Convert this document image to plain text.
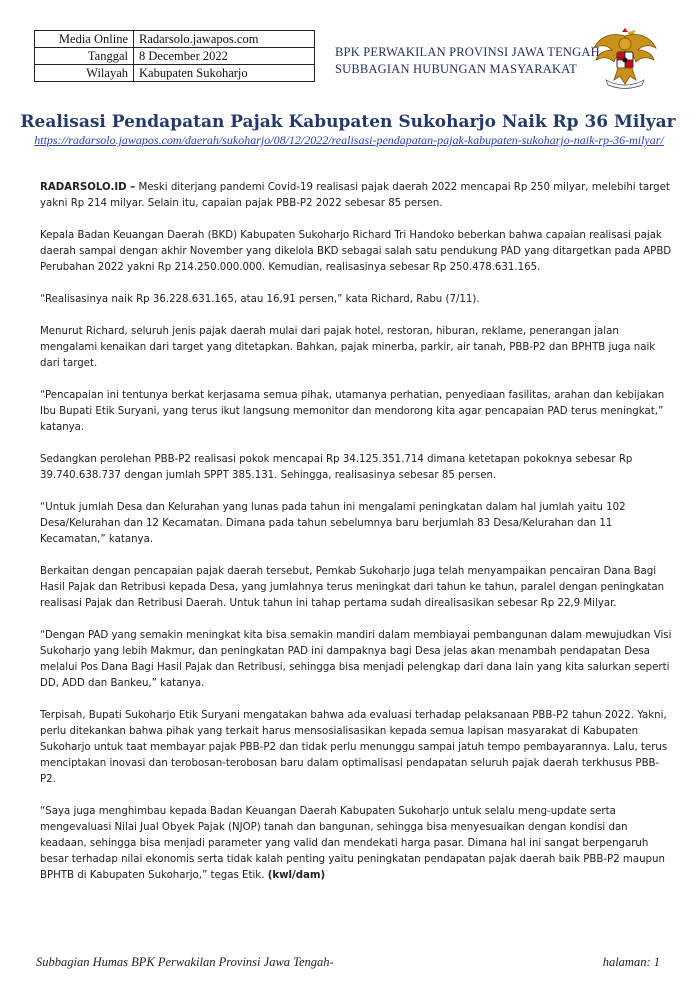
Media Online	Radarsolo.jawapos.com
Tanggal	8 December 2022
Wilayah	Kabupaten Sukoharjo
BPK PERWAKILAN PROVINSI JAWA TENGAH
SUBBAGIAN HUBUNGAN MASYARAKAT
Realisasi Pendapatan Pajak Kabupaten Sukoharjo Naik Rp 36 Milyar
https://radarsolo.jawapos.com/daerah/sukoharjo/08/12/2022/realisasi-pendapatan-pajak-kabupaten-sukoharjo-naik-rp-36-milyar/

RADARSOLO.ID – Meski diterjang pandemi Covid-19 realisasi pajak daerah 2022 mencapai Rp 250 milyar, melebihi target yakni Rp 214 milyar. Selain itu, capaian pajak PBB-P2 2022 sebesar 85 persen.

Kepala Badan Keuangan Daerah (BKD) Kabupaten Sukoharjo Richard Tri Handoko beberkan bahwa capaian realisasi pajak daerah sampai dengan akhir November yang dikelola BKD sebagai salah satu pendukung PAD yang ditargetkan pada APBD Perubahan 2022 yakni Rp 214.250.000.000. Kemudian, realisasinya sebesar Rp 250.478.631.165.

“Realisasinya naik Rp 36.228.631.165, atau 16,91 persen,” kata Richard, Rabu (7/11).

Menurut Richard, seluruh jenis pajak daerah mulai dari pajak hotel, restoran, hiburan, reklame, penerangan jalan mengalami kenaikan dari target yang ditetapkan. Bahkan, pajak minerba, parkir, air tanah, PBB-P2 dan BPHTB juga naik dari target.

“Pencapaian ini tentunya berkat kerjasama semua pihak, utamanya perhatian, penyediaan fasilitas, arahan dan kebijakan Ibu Bupati Etik Suryani, yang terus ikut langsung memonitor dan mendorong kita agar pencapaian PAD terus meningkat,” katanya.

Sedangkan perolehan PBB-P2 realisasi pokok mencapai Rp 34.125.351.714 dimana ketetapan pokoknya sebesar Rp 39.740.638.737 dengan jumlah SPPT 385.131. Sehingga, realisasinya sebesar 85 persen.

“Untuk jumlah Desa dan Kelurahan yang lunas pada tahun ini mengalami peningkatan dalam hal jumlah yaitu 102 Desa/Kelurahan dan 12 Kecamatan. Dimana pada tahun sebelumnya baru berjumlah 83 Desa/Kelurahan dan 11 Kecamatan,” katanya.

Berkaitan dengan pencapaian pajak daerah tersebut, Pemkab Sukoharjo juga telah menyampaikan pencairan Dana Bagi Hasil Pajak dan Retribusi kepada Desa, yang jumlahnya terus meningkat dari tahun ke tahun, paralel dengan peningkatan realisasi Pajak dan Retribusi Daerah. Untuk tahun ini tahap pertama sudah direalisasikan sebesar Rp 22,9 Milyar.

“Dengan PAD yang semakin meningkat kita bisa semakin mandiri dalam membiayai pembangunan dalam mewujudkan Visi Sukoharjo yang lebih Makmur, dan peningkatan PAD ini dampaknya bagi Desa jelas akan menambah pendapatan Desa melalui Pos Dana Bagi Hasil Pajak dan Retribusi, sehingga bisa menjadi pelengkap dari dana lain yang kita salurkan seperti DD, ADD dan Bankeu,” katanya.

Terpisah, Bupati Sukoharjo Etik Suryani mengatakan bahwa ada evaluasi terhadap pelaksanaan PBB-P2 tahun 2022. Yakni, perlu ditekankan bahwa pihak yang terkait harus mensosialisasikan kepada semua lapisan masyarakat di Kabupaten Sukoharjo untuk taat membayar pajak PBB-P2 dan tidak perlu menunggu sampai jatuh tempo pembayarannya. Lalu, terus menciptakan inovasi dan terobosan-terobosan baru dalam optimalisasi pendapatan seluruh pajak daerah terkhusus PBB-P2.

“Saya juga menghimbau kepada Badan Keuangan Daerah Kabupaten Sukoharjo untuk selalu meng-update serta mengevaluasi Nilai Jual Obyek Pajak (NJOP) tanah dan bangunan, sehingga bisa menyesuaikan dengan kondisi dan keadaan, sehingga bisa menjadi parameter yang valid dan mendekati harga pasar. Dimana hal ini sangat berpengaruh besar terhadap nilai ekonomis serta tidak kalah penting yaitu peningkatan pendapatan pajak daerah baik PBB-P2 maupun BPHTB di Kabupaten Sukoharjo,” tegas Etik. (kwl/dam)

Subbagian Humas BPK Perwakilan Provinsi Jawa Tengah-	halaman: 1
